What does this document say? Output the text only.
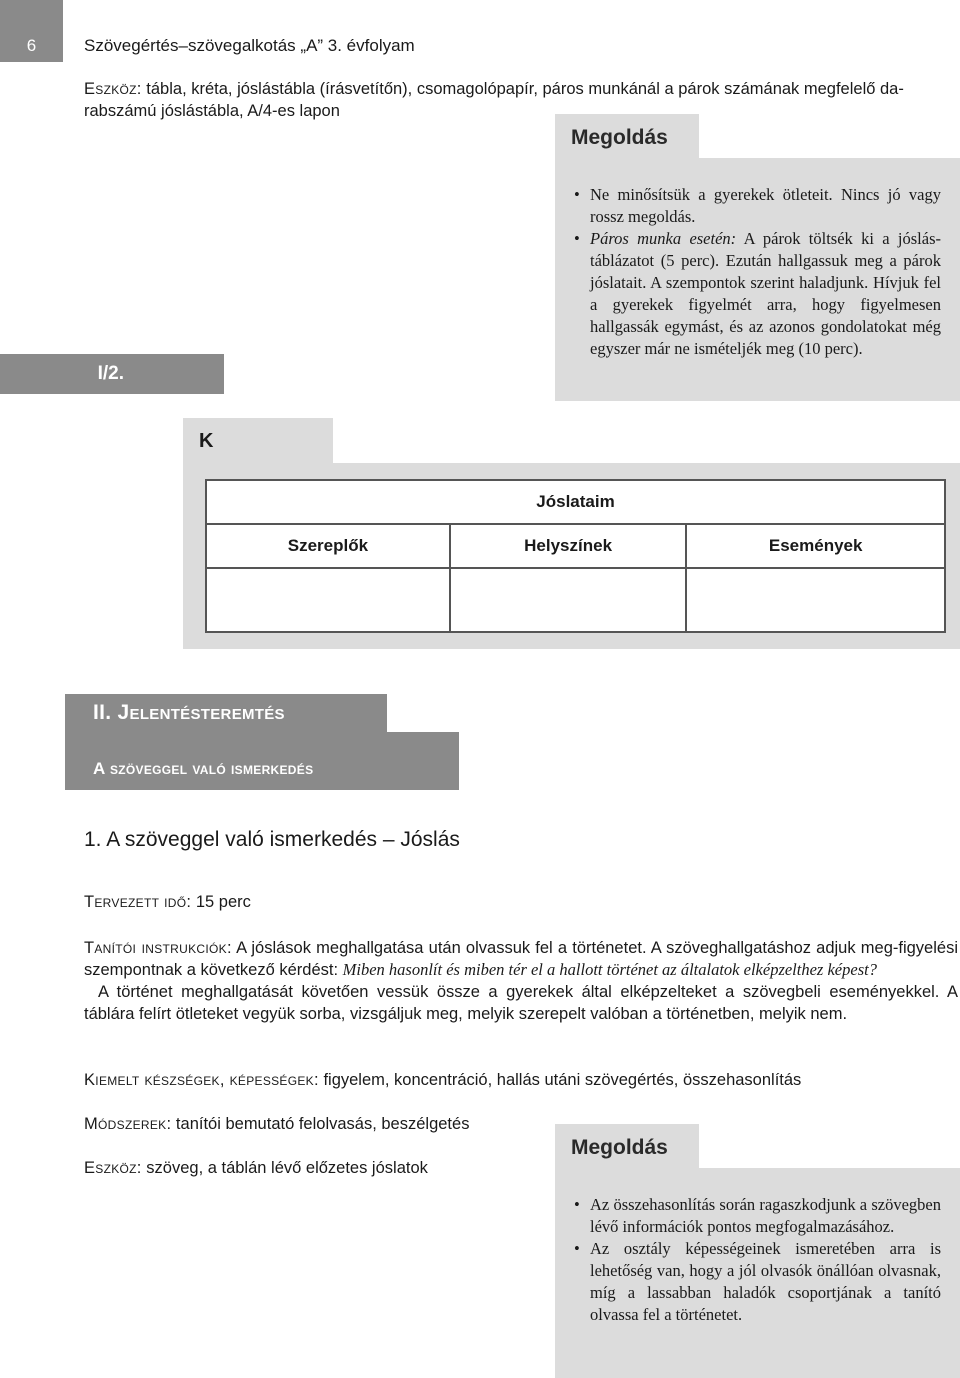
6	Szövegértés–szövegalkotás „A” 3. évfolyam
Eszköz: tábla, kréta, jóslástábla (írásvetítőn), csomagolópapír, páros munkánál a párok számának megfelelő da-rabszámú jóslástábla, A/4-es lapon
Megoldás
• Ne minősítsük a gyerekek ötleteit. Nincs jó vagy rossz megoldás.
• Páros munka esetén: A párok töltsék ki a jóslás-táblázatot (5 perc). Ezután hallgassuk meg a párok jóslatait. A szempontok szerint haladjunk. Hívjuk fel a gyerekek figyelmét arra, hogy figyelmesen hallgassák egymást, és az azonos gondolatokat még egyszer már ne ismételjék meg (10 perc).
I/2.
K
Jóslataim		
Szereplők	Helyszínek	Események

II. Jelentésteremtés
A szöveggel való ismerkedés
1. A szöveggel való ismerkedés – Jóslás
Tervezett idő: 15 perc
Tanítói instrukciók: A jóslások meghallgatása után olvassuk fel a történetet. A szöveghallgatáshoz adjuk meg-figyelési szempontnak a következő kérdést: Miben hasonlít és miben tér el a hallott történet az általatok elképzelthez képest?
A történet meghallgatását követően vessük össze a gyerekek által elképzelteket a szövegbeli eseményekkel. A táblára felírt ötleteket vegyük sorba, vizsgáljuk meg, melyik szerepelt valóban a történetben, melyik nem.
Kiemelt készségek, képességek: figyelem, koncentráció, hallás utáni szövegértés, összehasonlítás
Módszerek: tanítói bemutató felolvasás, beszélgetés
Eszköz: szöveg, a táblán lévő előzetes jóslatok
Megoldás
• Az összehasonlítás során ragaszkodjunk a szövegben lévő információk pontos megfogalmazásához.
• Az osztály képességeinek ismeretében arra is lehetőség van, hogy a jól olvasók önállóan olvasnak, míg a lassabban haladók csoportjának a tanító olvassa fel a történetet.
